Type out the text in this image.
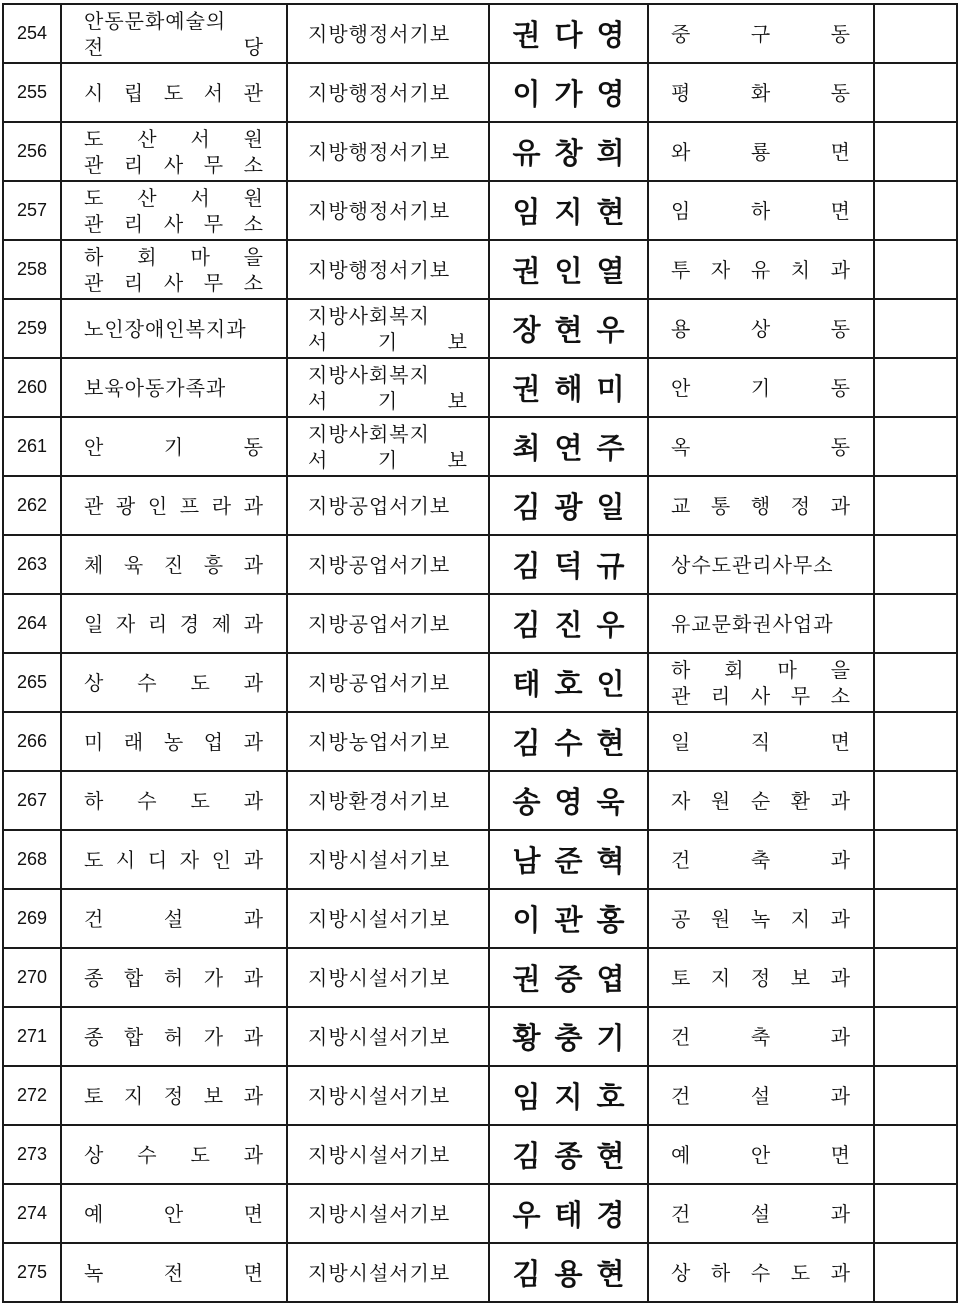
254	안동문화예술의
전 당	지방행정서기보	권다영	중 구 동	

255	시 립 도 서 관	지방행정서기보	이가영	평 화 동	

256	도 산 서 원
관 리 사 무 소	지방행정서기보	유창희	와 룡 면	

257	도 산 서 원
관 리 사 무 소	지방행정서기보	임지현	임 하 면	

258	하 회 마 을
관 리 사 무 소	지방행정서기보	권인열	투 자 유 치 과	

259	노인장애인복지과	지방사회복지
서 기 보	장현우	용 상 동	

260	보육아동가족과	지방사회복지
서 기 보	권해미	안 기 동	

261	안 기 동	지방사회복지
서 기 보	최연주	옥 동	

262	관 광 인 프 라 과	지방공업서기보	김광일	교 통 행 정 과	

263	체 육 진 흥 과	지방공업서기보	김덕규	상수도관리사무소	

264	일 자 리 경 제 과	지방공업서기보	김진우	유교문화권사업과	

265	상 수 도 과	지방공업서기보	태호인	하 회 마 을
관 리 사 무 소	

266	미 래 농 업 과	지방농업서기보	김수현	일 직 면	

267	하 수 도 과	지방환경서기보	송영욱	자 원 순 환 과	

268	도 시 디 자 인 과	지방시설서기보	남준혁	건 축 과	

269	건 설 과	지방시설서기보	이관홍	공 원 녹 지 과	

270	종 합 허 가 과	지방시설서기보	권중엽	토 지 정 보 과	

271	종 합 허 가 과	지방시설서기보	황충기	건 축 과	

272	토 지 정 보 과	지방시설서기보	임지호	건 설 과	

273	상 수 도 과	지방시설서기보	김종현	예 안 면	

274	예 안 면	지방시설서기보	우태경	건 설 과	

275	녹 전 면	지방시설서기보	김용현	상 하 수 도 과	
